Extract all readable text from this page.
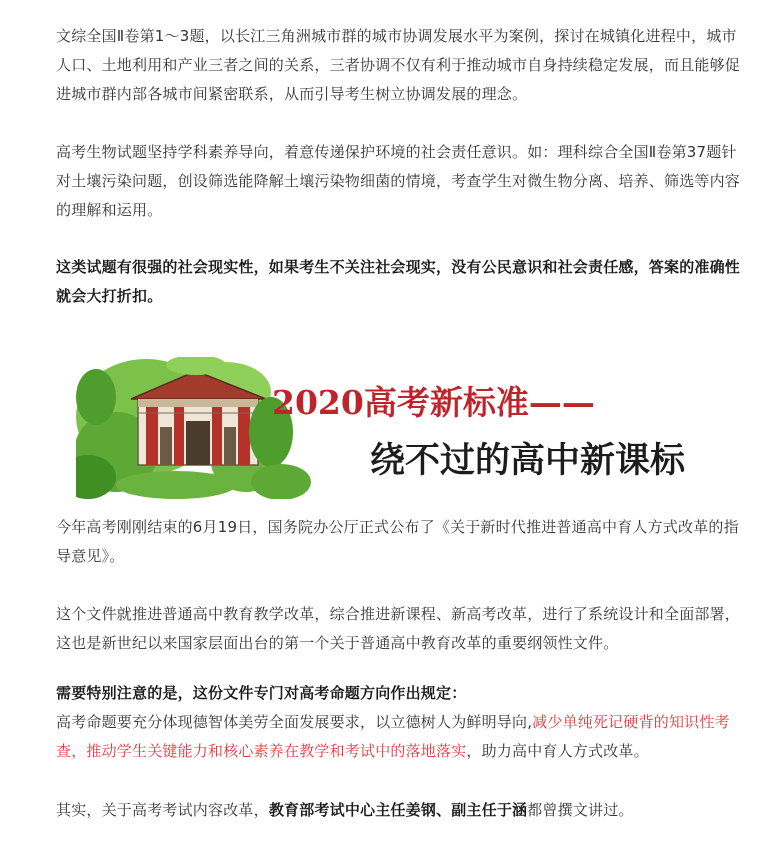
文综全国Ⅱ卷第1～3题，以长江三角洲城市群的城市协调发展水平为案例，探讨在城镇化进程中，城市人口、土地利用和产业三者之间的关系，三者协调不仅有利于推动城市自身持续稳定发展，而且能够促进城市群内部各城市间紧密联系，从而引导考生树立协调发展的理念。

高考生物试题坚持学科素养导向，着意传递保护环境的社会责任意识。如：理科综合全国Ⅱ卷第37题针对土壤污染问题，创设筛选能降解土壤污染物细菌的情境，考查学生对微生物分离、培养、筛选等内容的理解和运用。

这类试题有很强的社会现实性，如果考生不关注社会现实，没有公民意识和社会责任感，答案的准确性就会大打折扣。

2020高考新标准——
绕不过的高中新课标

今年高考刚刚结束的6月19日，国务院办公厅正式公布了《关于新时代推进普通高中育人方式改革的指导意见》。

这个文件就推进普通高中教育教学改革，综合推进新课程、新高考改革，进行了系统设计和全面部署，这也是新世纪以来国家层面出台的第一个关于普通高中教育改革的重要纲领性文件。

需要特别注意的是，这份文件专门对高考命题方向作出规定：
高考命题要充分体现德智体美劳全面发展要求，以立德树人为鲜明导向,减少单纯死记硬背的知识性考查，推动学生关键能力和核心素养在教学和考试中的落地落实，助力高中育人方式改革。

其实，关于高考考试内容改革，教育部考试中心主任姜钢、副主任于涵都曾撰文讲过。
